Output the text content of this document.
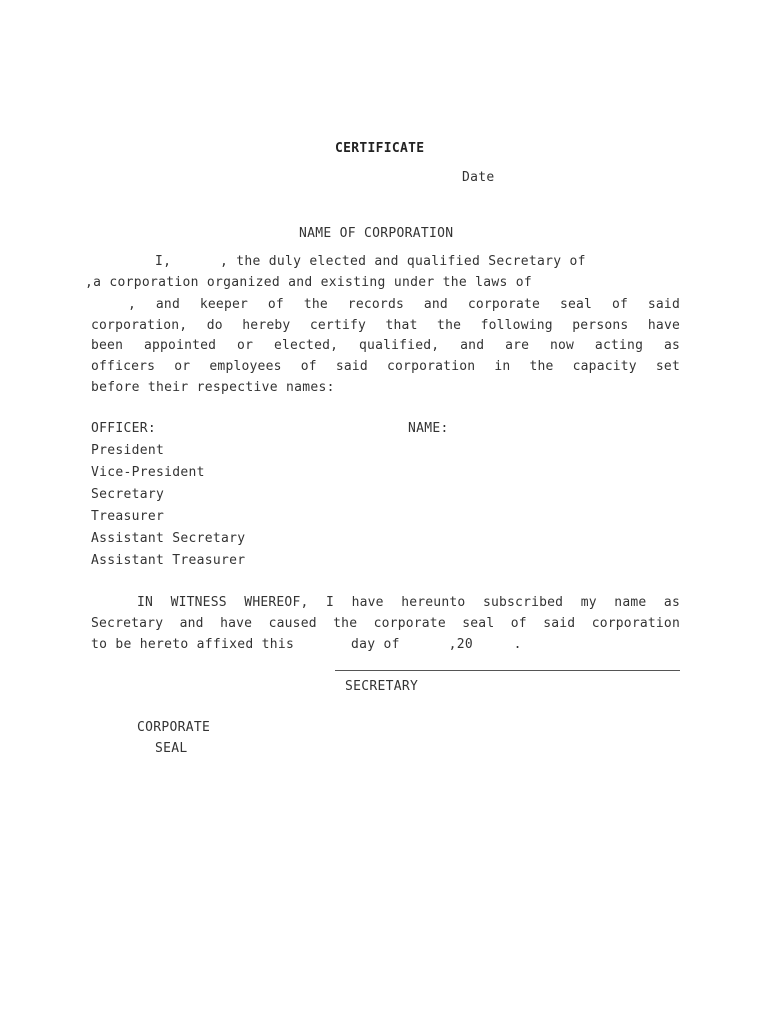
CERTIFICATE

Date

NAME OF CORPORATION

I,      , the duly elected and qualified Secretary of

,a corporation organized and existing under the laws of

, and keeper of the records and corporate seal of said

corporation, do hereby certify that the following persons have

been appointed or elected, qualified, and are now acting as

officers or employees of said corporation in the capacity set

before their respective names:

OFFICER:	NAME:

President

Vice-President

Secretary

Treasurer

Assistant Secretary

Assistant Treasurer

IN WITNESS WHEREOF, I have hereunto subscribed my name as

Secretary and have caused the corporate seal of said corporation

to be hereto affixed this       day of      ,20     .

SECRETARY

CORPORATE

SEAL
